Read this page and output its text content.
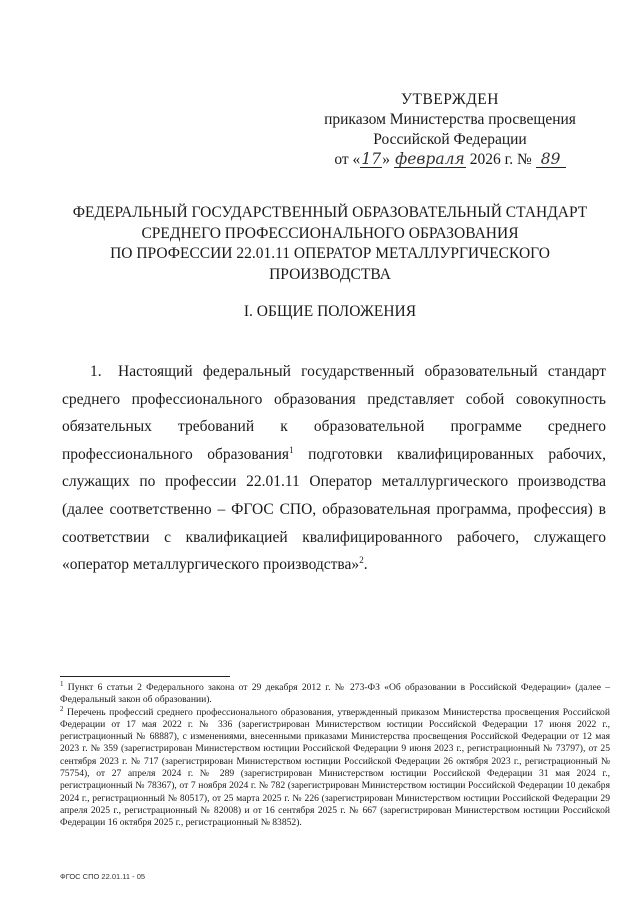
УТВЕРЖДЕН
приказом Министерства просвещения
Российской Федерации
от «17» февраля 2026 г. № 89
ФЕДЕРАЛЬНЫЙ ГОСУДАРСТВЕННЫЙ ОБРАЗОВАТЕЛЬНЫЙ СТАНДАРТ
СРЕДНЕГО ПРОФЕССИОНАЛЬНОГО ОБРАЗОВАНИЯ
ПО ПРОФЕССИИ 22.01.11 ОПЕРАТОР МЕТАЛЛУРГИЧЕСКОГО
ПРОИЗВОДСТВА
I. ОБЩИЕ ПОЛОЖЕНИЯ
1. Настоящий федеральный государственный образовательный стандарт среднего профессионального образования представляет собой совокупность обязательных требований к образовательной программе среднего профессионального образования$^1$ подготовки квалифицированных рабочих, служащих по профессии 22.01.11 Оператор металлургического производства (далее соответственно – ФГОС СПО, образовательная программа, профессия) в соответствии с квалификацией квалифицированного рабочего, служащего «оператор металлургического производства»$^2$.

$^1$ Пункт 6 статьи 2 Федерального закона от 29 декабря 2012 г. № 273-ФЗ «Об образовании в Российской Федерации» (далее – Федеральный закон об образовании).

$^2$ Перечень профессий среднего профессионального образования, утвержденный приказом Министерства просвещения Российской Федерации от 17 мая 2022 г. № 336 (зарегистрирован Министерством юстиции Российской Федерации 17 июня 2022 г., регистрационный № 68887), с изменениями, внесенными приказами Министерства просвещения Российской Федерации от 12 мая 2023 г. № 359 (зарегистрирован Министерством юстиции Российской Федерации 9 июня 2023 г., регистрационный № 73797), от 25 сентября 2023 г. № 717 (зарегистрирован Министерством юстиции Российской Федерации 26 октября 2023 г., регистрационный № 75754), от 27 апреля 2024 г. № 289 (зарегистрирован Министерством юстиции Российской Федерации 31 мая 2024 г., регистрационный № 78367), от 7 ноября 2024 г. № 782 (зарегистрирован Министерством юстиции Российской Федерации 10 декабря 2024 г., регистрационный № 80517), от 25 марта 2025 г. № 226 (зарегистрирован Министерством юстиции Российской Федерации 29 апреля 2025 г., регистрационный № 82008) и от 16 сентября 2025 г. № 667 (зарегистрирован Министерством юстиции Российской Федерации 16 октября 2025 г., регистрационный № 83852).

ФГОС СПО 22.01.11 - 05
